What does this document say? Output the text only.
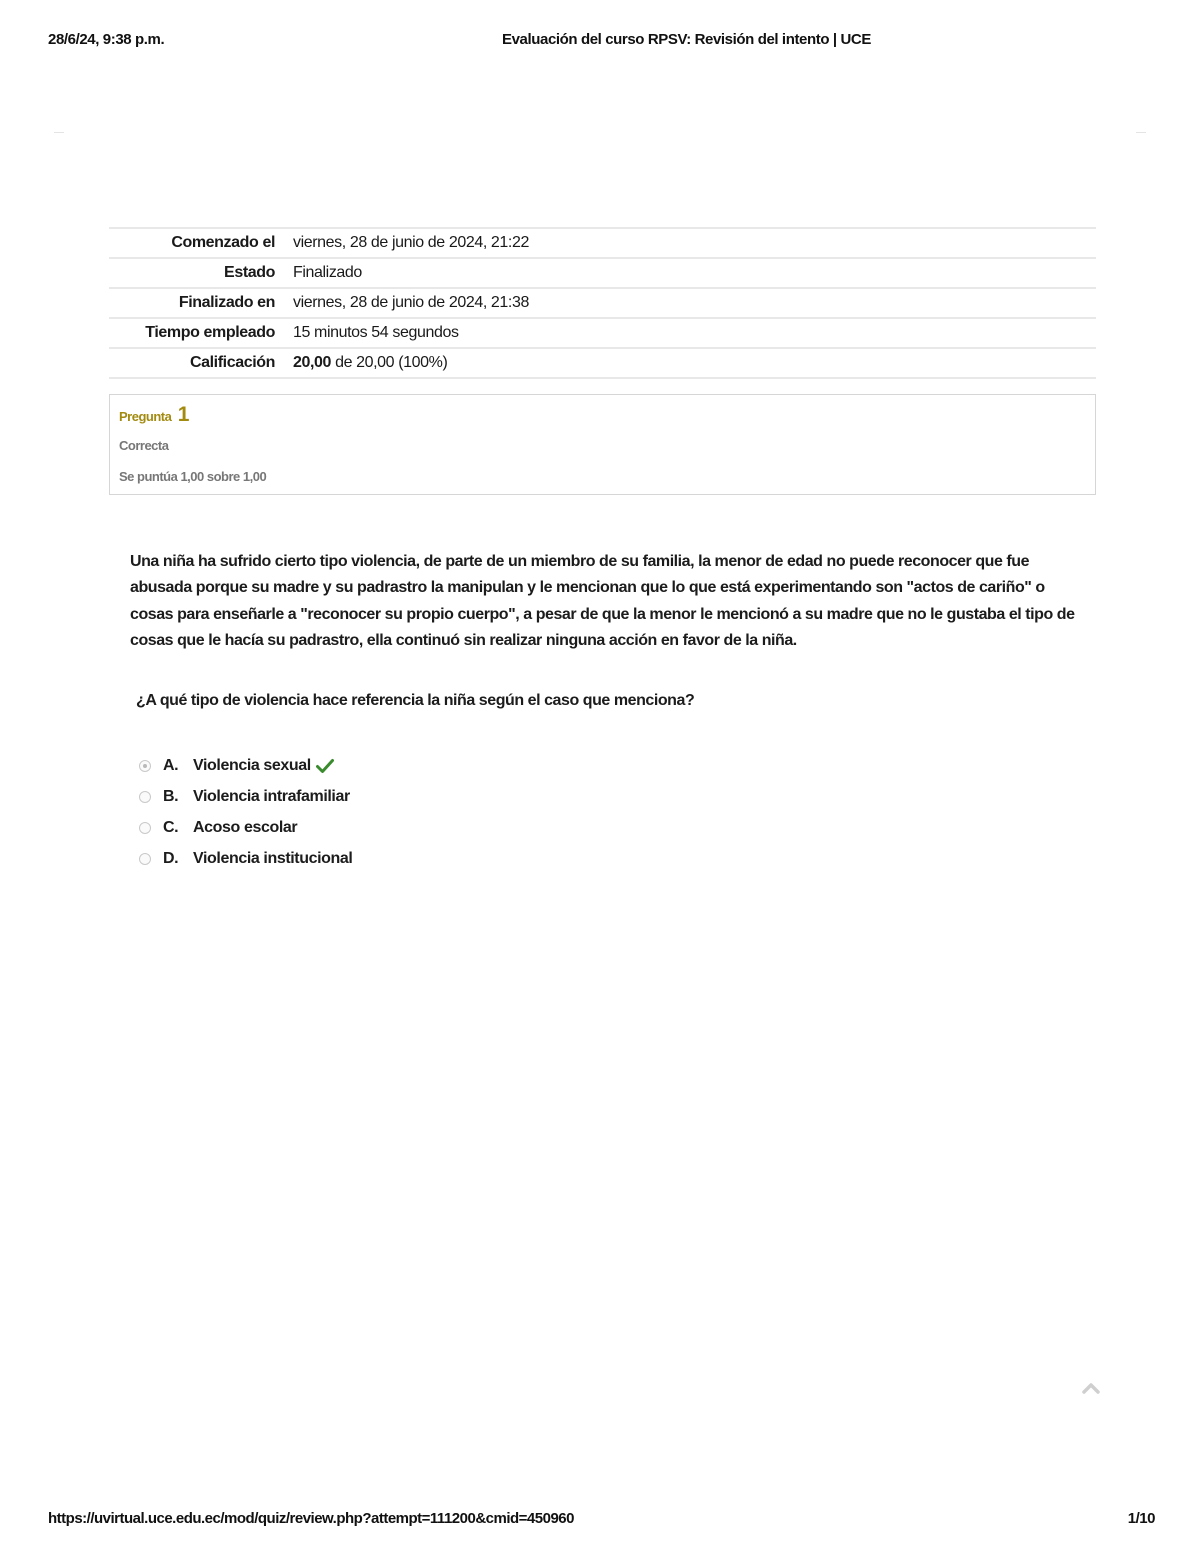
28/6/24, 9:38 p.m.	Evaluación del curso RPSV: Revisión del intento | UCE
Comenzado el	viernes, 28 de junio de 2024, 21:22
Estado	Finalizado
Finalizado en	viernes, 28 de junio de 2024, 21:38
Tiempo empleado	15 minutos 54 segundos
Calificación	20,00 de 20,00 (100%)
Pregunta 1
Correcta
Se puntúa 1,00 sobre 1,00
Una niña ha sufrido cierto tipo violencia, de parte de un miembro de su familia, la menor de edad no puede reconocer que fue abusada porque su madre y su padrastro la manipulan y le mencionan que lo que está experimentando son "actos de cariño" o cosas para enseñarle a "reconocer su propio cuerpo", a pesar de que la menor le mencionó a su madre que no le gustaba el tipo de cosas que le hacía su padrastro, ella continuó sin realizar ninguna acción en favor de la niña.
¿A qué tipo de violencia hace referencia la niña según el caso que menciona?
A. Violencia sexual
B. Violencia intrafamiliar
C. Acoso escolar
D. Violencia institucional
https://uvirtual.uce.edu.ec/mod/quiz/review.php?attempt=111200&cmid=450960	1/10
